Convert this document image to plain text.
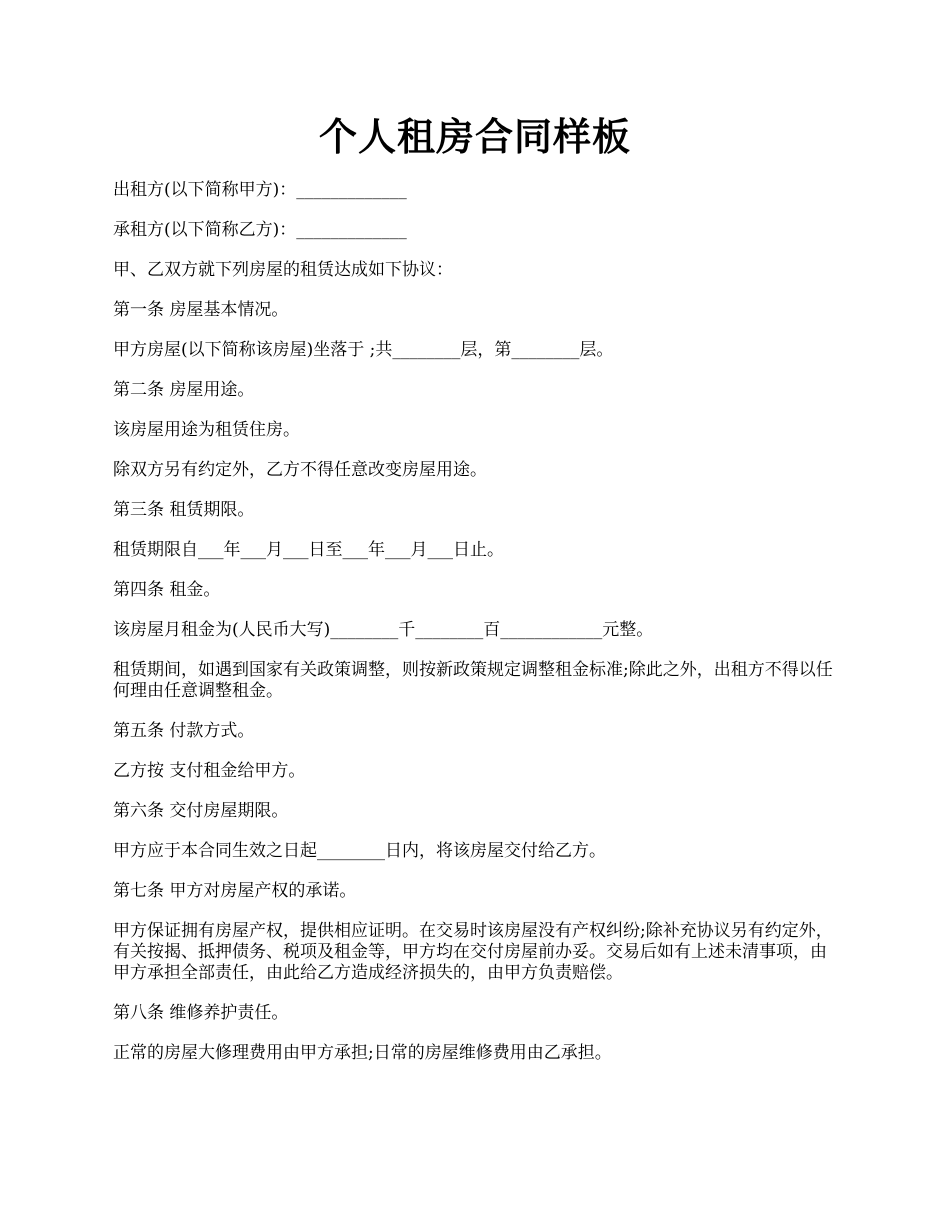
个人租房合同样板

出租方(以下简称甲方)：_____________

承租方(以下简称乙方)：_____________

甲、乙双方就下列房屋的租赁达成如下协议：

第一条 房屋基本情况。

甲方房屋(以下简称该房屋)坐落于 ;共________层，第________层。

第二条 房屋用途。

该房屋用途为租赁住房。

除双方另有约定外，乙方不得任意改变房屋用途。

第三条 租赁期限。

租赁期限自___年___月___日至___年___月___日止。

第四条 租金。

该房屋月租金为(人民币大写)________千________百____________元整。

租赁期间，如遇到国家有关政策调整，则按新政策规定调整租金标准;除此之外，出租方不得以任何理由任意调整租金。

第五条 付款方式。

乙方按 支付租金给甲方。

第六条 交付房屋期限。

甲方应于本合同生效之日起________日内，将该房屋交付给乙方。

第七条 甲方对房屋产权的承诺。

甲方保证拥有房屋产权，提供相应证明。在交易时该房屋没有产权纠纷;除补充协议另有约定外，有关按揭、抵押债务、税项及租金等，甲方均在交付房屋前办妥。交易后如有上述未清事项，由甲方承担全部责任，由此给乙方造成经济损失的，由甲方负责赔偿。

第八条 维修养护责任。

正常的房屋大修理费用由甲方承担;日常的房屋维修费用由乙承担。
